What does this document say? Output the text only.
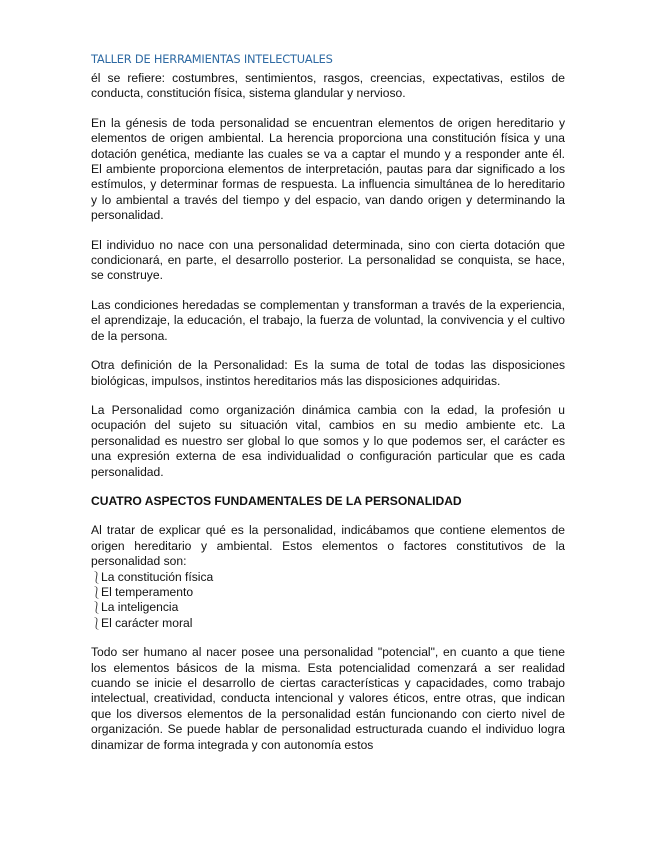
TALLER DE HERRAMIENTAS INTELECTUALES

él se refiere: costumbres, sentimientos, rasgos, creencias, expectativas, estilos de conducta, constitución física, sistema glandular y nervioso.

En la génesis de toda personalidad se encuentran elementos de origen hereditario y elementos de origen ambiental. La herencia proporciona una constitución física y una dotación genética, mediante las cuales se va a captar el mundo y a responder ante él. El ambiente proporciona elementos de interpretación, pautas para dar significado a los estímulos, y determinar formas de respuesta. La influencia simultánea de lo hereditario y lo ambiental a través del tiempo y del espacio, van dando origen y determinando la personalidad.

El individuo no nace con una personalidad determinada, sino con cierta dotación que condicionará, en parte, el desarrollo posterior. La personalidad se conquista, se hace, se construye.

Las condiciones heredadas se complementan y transforman a través de la experiencia, el aprendizaje, la educación, el trabajo, la fuerza de voluntad, la convivencia y el cultivo de la persona.

Otra definición de la Personalidad: Es la suma de total de todas las disposiciones biológicas, impulsos, instintos hereditarios más las disposiciones adquiridas.

La Personalidad como organización dinámica cambia con la edad, la profesión u ocupación del sujeto su situación vital, cambios en su medio ambiente etc. La personalidad es nuestro ser global lo que somos y lo que podemos ser, el carácter es una expresión externa de esa individualidad o configuración particular que es cada personalidad.

CUATRO ASPECTOS FUNDAMENTALES DE LA PERSONALIDAD

Al tratar de explicar qué es la personalidad, indicábamos que contiene elementos de origen hereditario y ambiental. Estos elementos o factores constitutivos de la personalidad son:

⎱ La constitución física
⎱ El temperamento
⎱ La inteligencia
⎱ El carácter moral

Todo ser humano al nacer posee una personalidad "potencial", en cuanto a que tiene los elementos básicos de la misma. Esta potencialidad comenzará a ser realidad cuando se inicie el desarrollo de ciertas características y capacidades, como trabajo intelectual, creatividad, conducta intencional y valores éticos, entre otras, que indican que los diversos elementos de la personalidad están funcionando con cierto nivel de organización. Se puede hablar de personalidad estructurada cuando el individuo logra dinamizar de forma integrada y con autonomía estos
